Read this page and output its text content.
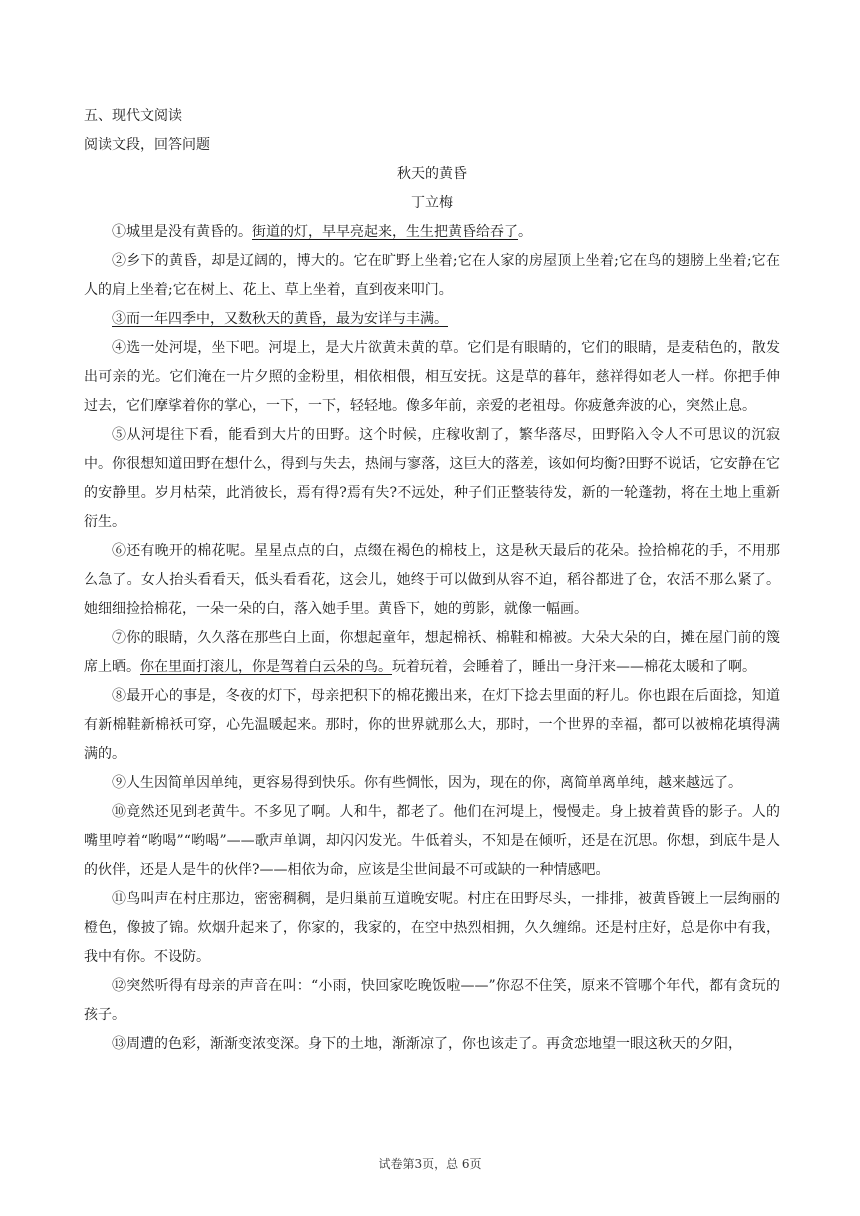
五、现代文阅读
阅读文段，回答问题
秋天的黄昏
丁立梅

①城里是没有黄昏的。街道的灯，早早亮起来，生生把黄昏给吞了。

②乡下的黄昏，却是辽阔的，博大的。它在旷野上坐着;它在人家的房屋顶上坐着;它在鸟的翅膀上坐着;它在人的肩上坐着;它在树上、花上、草上坐着，直到夜来叩门。

③而一年四季中，又数秋天的黄昏，最为安详与丰满。

④选一处河堤，坐下吧。河堤上，是大片欲黄未黄的草。它们是有眼睛的，它们的眼睛，是麦秸色的，散发出可亲的光。它们淹在一片夕照的金粉里，相依相偎，相互安抚。这是草的暮年，慈祥得如老人一样。你把手伸过去，它们摩挲着你的掌心，一下，一下，轻轻地。像多年前，亲爱的老祖母。你疲惫奔波的心，突然止息。

⑤从河堤往下看，能看到大片的田野。这个时候，庄稼收割了，繁华落尽，田野陷入令人不可思议的沉寂中。你很想知道田野在想什么，得到与失去，热闹与寥落，这巨大的落差，该如何均衡?田野不说话，它安静在它的安静里。岁月枯荣，此消彼长，焉有得?焉有失?不远处，种子们正整装待发，新的一轮蓬勃，将在土地上重新衍生。

⑥还有晚开的棉花呢。星星点点的白，点缀在褐色的棉枝上，这是秋天最后的花朵。捡拾棉花的手，不用那么急了。女人抬头看看天，低头看看花，这会儿，她终于可以做到从容不迫，稻谷都进了仓，农活不那么紧了。她细细捡拾棉花，一朵一朵的白，落入她手里。黄昏下，她的剪影，就像一幅画。

⑦你的眼睛，久久落在那些白上面，你想起童年，想起棉袄、棉鞋和棉被。大朵大朵的白，摊在屋门前的篾席上晒。你在里面打滚儿，你是驾着白云朵的鸟。玩着玩着，会睡着了，睡出一身汗来——棉花太暖和了啊。

⑧最开心的事是，冬夜的灯下，母亲把积下的棉花搬出来，在灯下捻去里面的籽儿。你也跟在后面捻，知道有新棉鞋新棉袄可穿，心先温暖起来。那时，你的世界就那么大，那时，一个世界的幸福，都可以被棉花填得满满的。

⑨人生因简单因单纯，更容易得到快乐。你有些惆怅，因为，现在的你，离简单离单纯，越来越远了。

⑩竟然还见到老黄牛。不多见了啊。人和牛，都老了。他们在河堤上，慢慢走。身上披着黄昏的影子。人的嘴里哼着“哟喝”“哟喝”——歌声单调，却闪闪发光。牛低着头，不知是在倾听，还是在沉思。你想，到底牛是人的伙伴，还是人是牛的伙伴?——相依为命，应该是尘世间最不可或缺的一种情感吧。

⑪鸟叫声在村庄那边，密密稠稠，是归巢前互道晚安呢。村庄在田野尽头，一排排，被黄昏镀上一层绚丽的橙色，像披了锦。炊烟升起来了，你家的，我家的，在空中热烈相拥，久久缠绵。还是村庄好，总是你中有我，我中有你。不设防。

⑫突然听得有母亲的声音在叫：“小雨，快回家吃晚饭啦——”你忍不住笑，原来不管哪个年代，都有贪玩的孩子。

⑬周遭的色彩，渐渐变浓变深。身下的土地，渐渐凉了，你也该走了。再贪恋地望一眼这秋天的夕阳，

试卷第3页，总 6页
